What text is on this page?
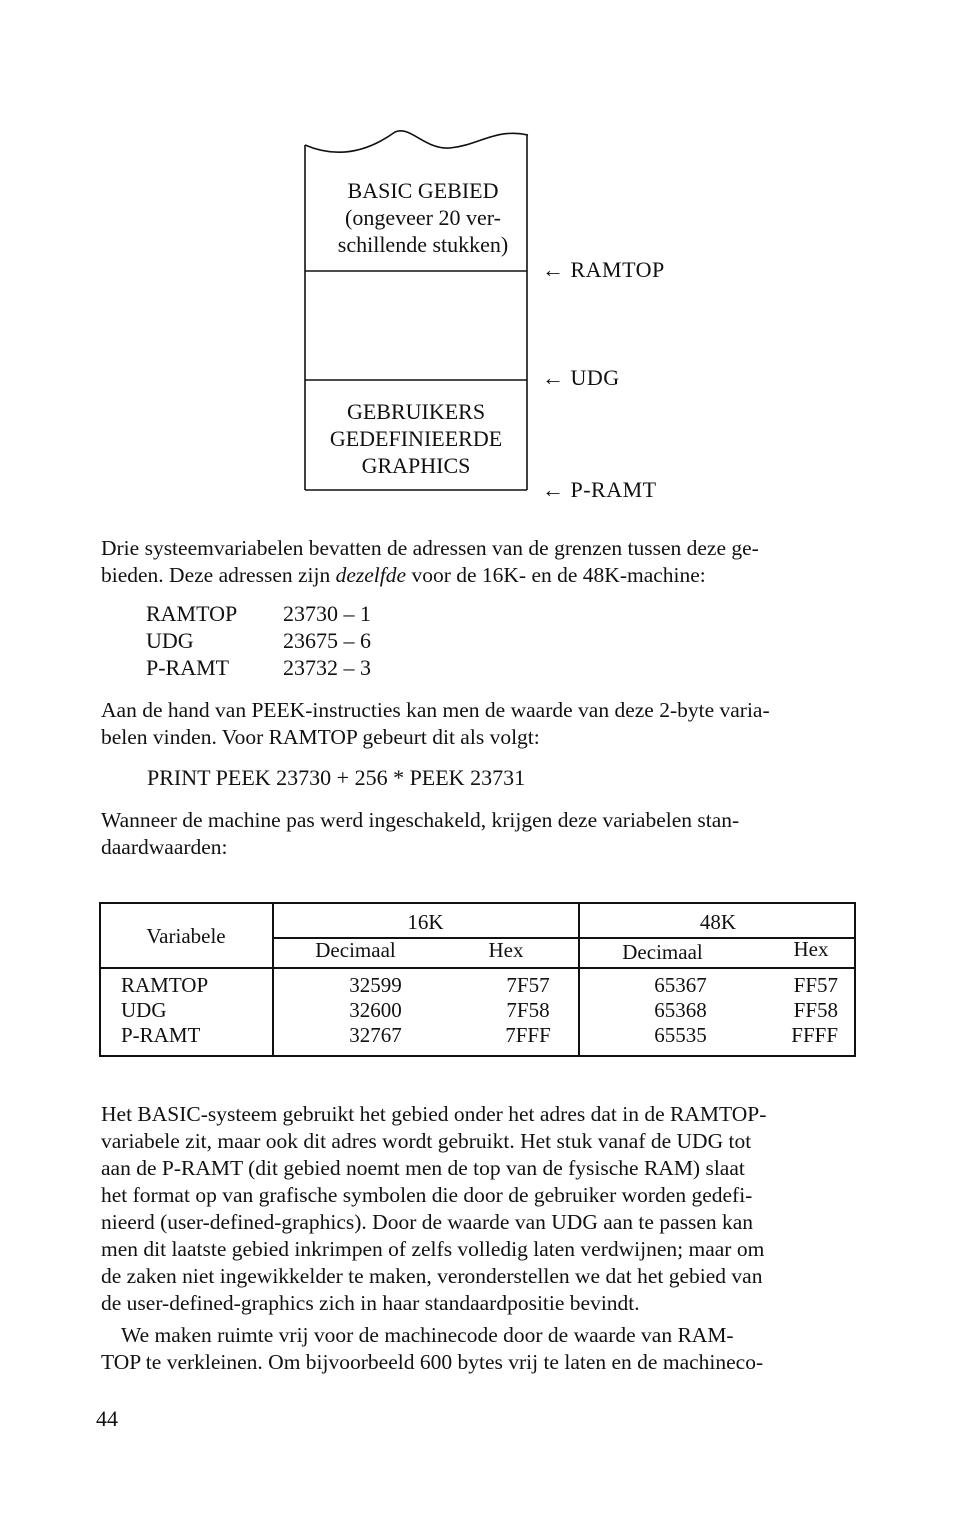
BASIC GEBIED
(ongeveer 20 ver-
schillende stukken)
GEBRUIKERS
GEDEFINIEERDE
GRAPHICS
← RAMTOP
← UDG
← P-RAMT
Drie systeemvariabelen bevatten de adressen van de grenzen tussen deze ge-
bieden. Deze adressen zijn dezelfde voor de 16K- en de 48K-machine:
RAMTOP	23730 – 1
UDG	23675 – 6
P-RAMT	23732 – 3
Aan de hand van PEEK-instructies kan men de waarde van deze 2-byte varia-
belen vinden. Voor RAMTOP gebeurt dit als volgt:
PRINT PEEK 23730 + 256 * PEEK 23731
Wanneer de machine pas werd ingeschakeld, krijgen deze variabelen stan-
daardwaarden:
Variabele
16K	48K
Decimaal	Hex	Decimaal	Hex
RAMTOP	32599	7F57	65367	FF57
UDG	32600	7F58	65368	FF58
P-RAMT	32767	7FFF	65535	FFFF
Het BASIC-systeem gebruikt het gebied onder het adres dat in de RAMTOP-
variabele zit, maar ook dit adres wordt gebruikt. Het stuk vanaf de UDG tot
aan de P-RAMT (dit gebied noemt men de top van de fysische RAM) slaat
het format op van grafische symbolen die door de gebruiker worden gedefi-
nieerd (user-defined-graphics). Door de waarde van UDG aan te passen kan
men dit laatste gebied inkrimpen of zelfs volledig laten verdwijnen; maar om
de zaken niet ingewikkelder te maken, veronderstellen we dat het gebied van
de user-defined-graphics zich in haar standaardpositie bevindt.
We maken ruimte vrij voor de machinecode door de waarde van RAM-
TOP te verkleinen. Om bijvoorbeeld 600 bytes vrij te laten en de machineco-
44
